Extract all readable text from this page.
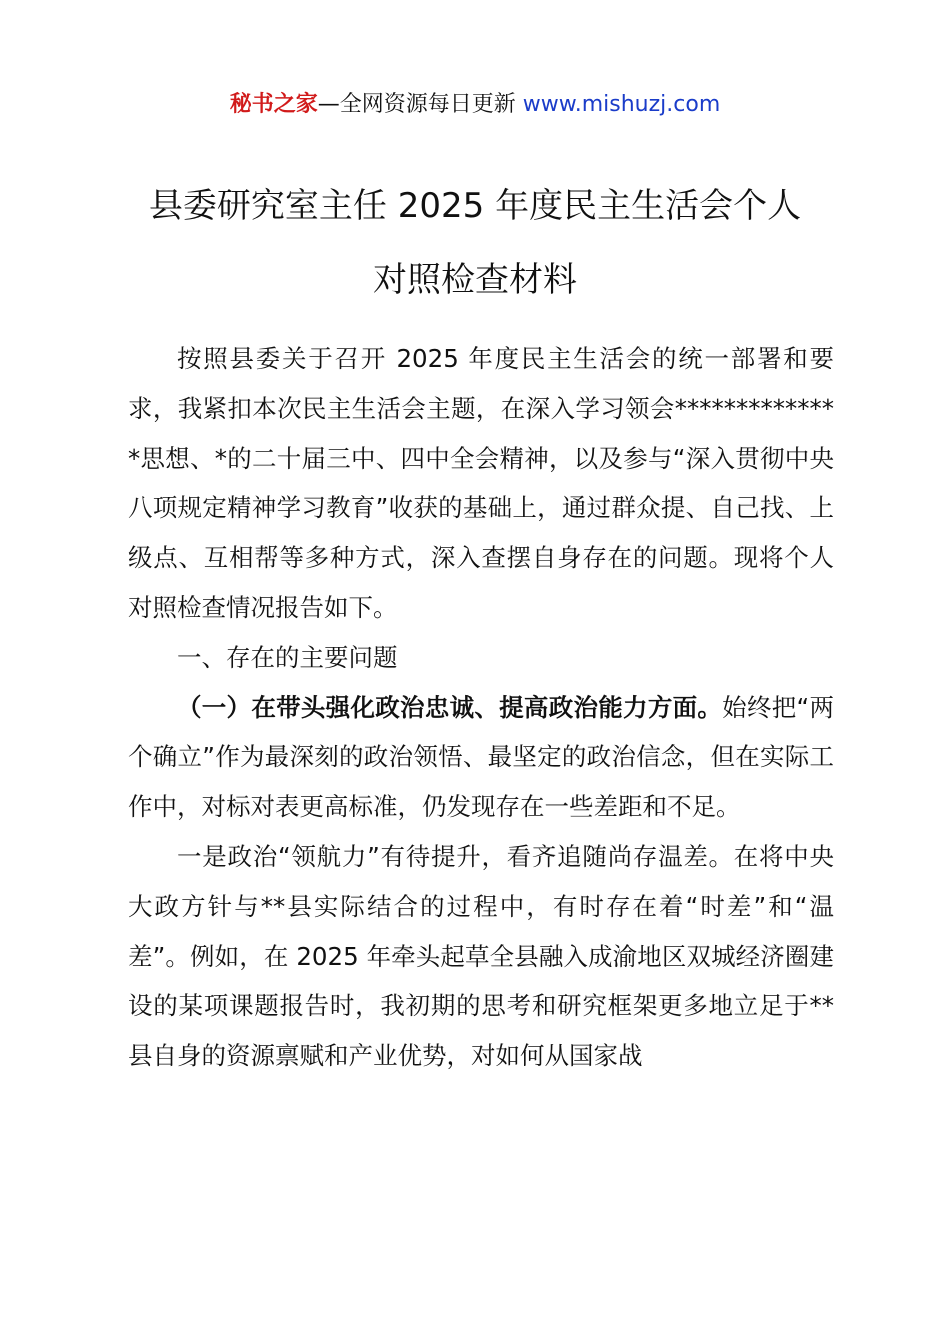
秘书之家—全网资源每日更新 www.mishuzj.com
县委研究室主任 2025 年度民主生活会个人
对照检查材料

按照县委关于召开 2025 年度民主生活会的统一部署和要求，我紧扣本次民主生活会主题，在深入学习领会**************思想、*的二十届三中、四中全会精神，以及参与“深入贯彻中央八项规定精神学习教育”收获的基础上，通过群众提、自己找、上级点、互相帮等多种方式，深入查摆自身存在的问题。现将个人对照检查情况报告如下。

一、存在的主要问题

（一）在带头强化政治忠诚、提高政治能力方面。始终把“两个确立”作为最深刻的政治领悟、最坚定的政治信念，但在实际工作中，对标对表更高标准，仍发现存在一些差距和不足。

一是政治“领航力”有待提升，看齐追随尚存温差。在将中央大政方针与**县实际结合的过程中，有时存在着“时差”和“温差”。例如，在 2025 年牵头起草全县融入成渝地区双城经济圈建设的某项课题报告时，我初期的思考和研究框架更多地立足于**县自身的资源禀赋和产业优势，对如何从国家战
